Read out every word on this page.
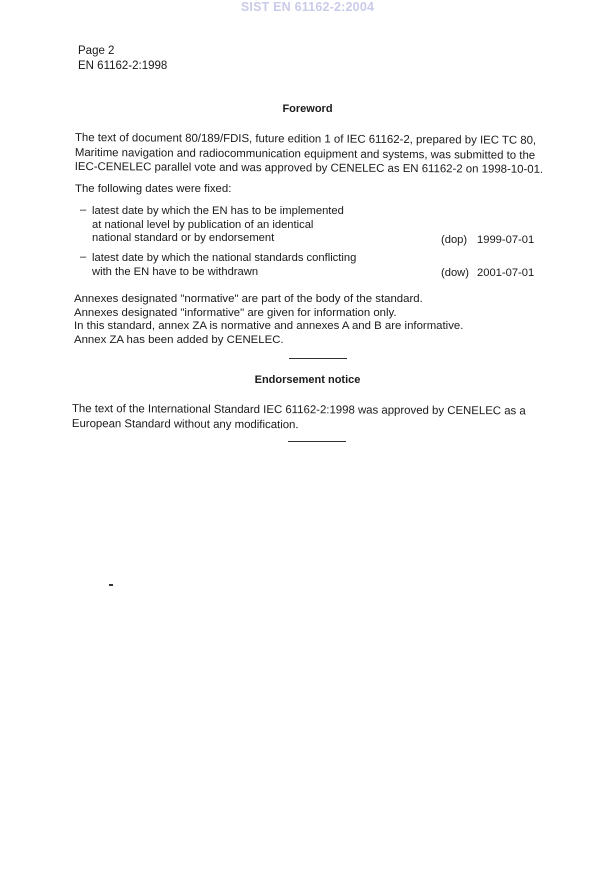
SIST EN 61162-2:2004
Page 2
EN 61162-2:1998
Foreword
The text of document 80/189/FDIS, future edition 1 of IEC 61162-2, prepared by IEC TC 80,
Maritime navigation and radiocommunication equipment and systems, was submitted to the
IEC-CENELEC parallel vote and was approved by CENELEC as EN 61162-2 on 1998-10-01.
The following dates were fixed:
– latest date by which the EN has to be implemented
at national level by publication of an identical
national standard or by endorsement	(dop) 1999-07-01
– latest date by which the national standards conflicting
with the EN have to be withdrawn	(dow) 2001-07-01
Annexes designated "normative" are part of the body of the standard.
Annexes designated "informative" are given for information only.
In this standard, annex ZA is normative and annexes A and B are informative.
Annex ZA has been added by CENELEC.
Endorsement notice
The text of the International Standard IEC 61162-2:1998 was approved by CENELEC as a
European Standard without any modification.
